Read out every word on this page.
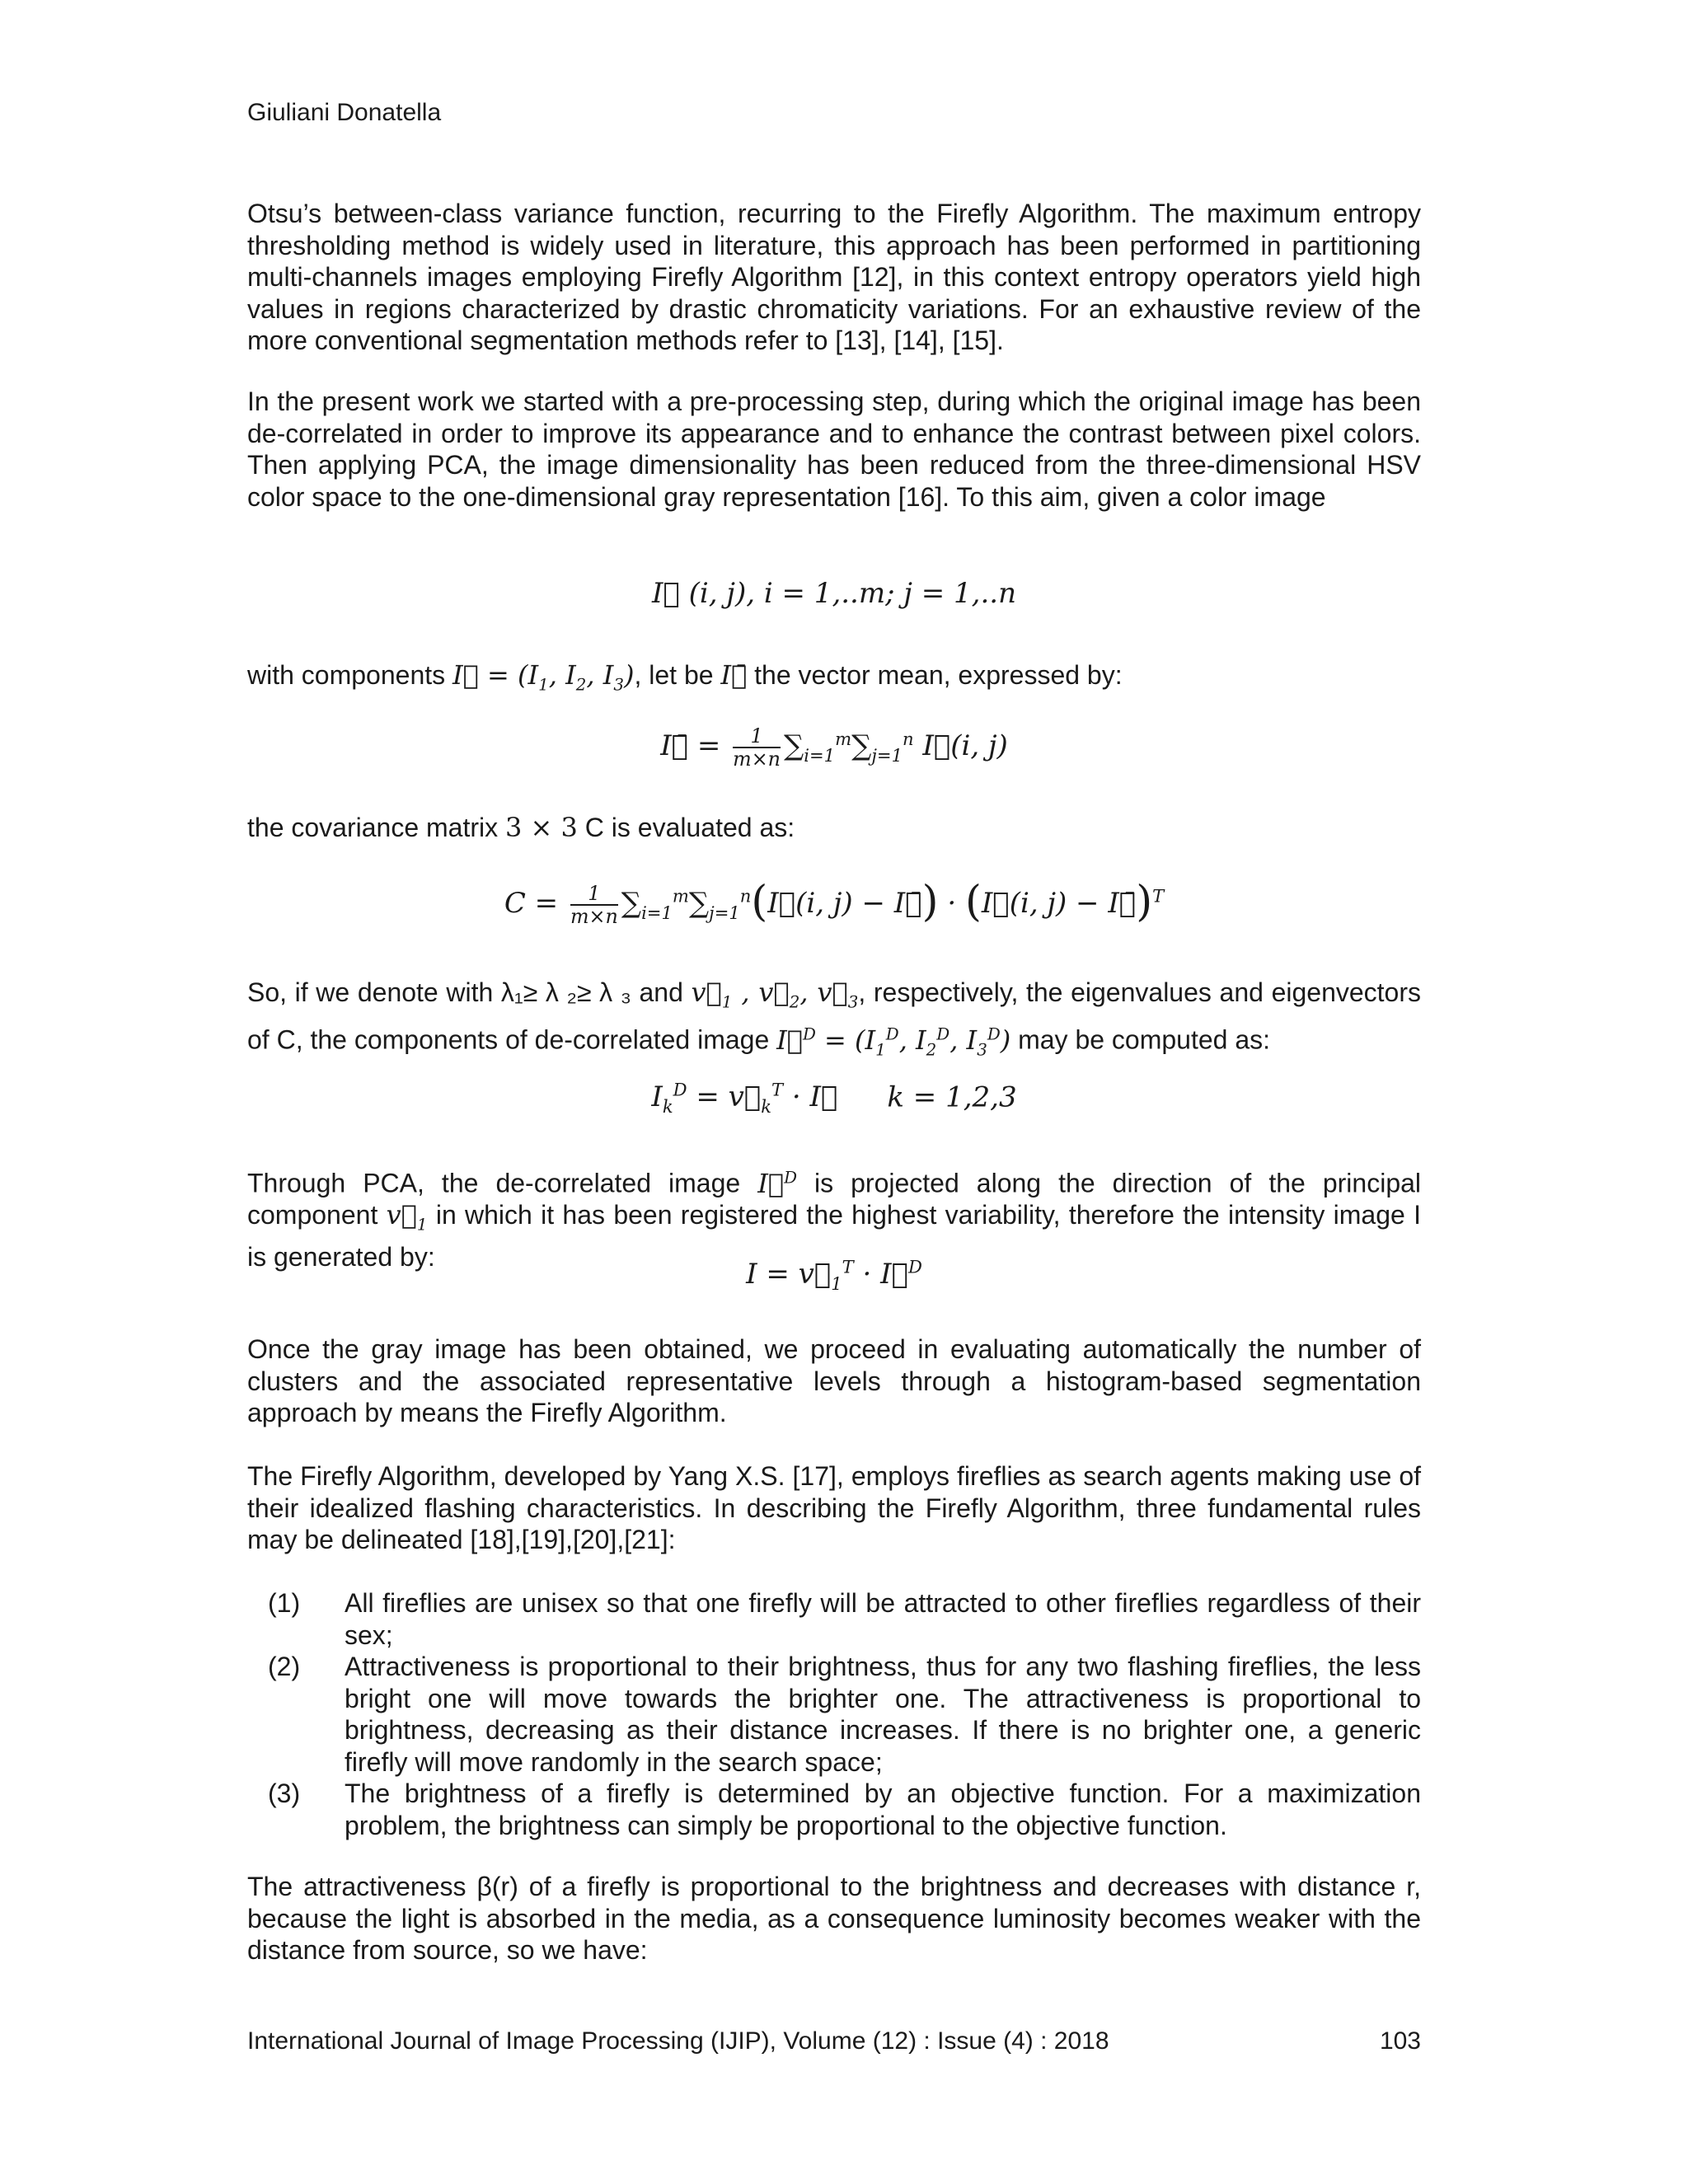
Giuliani Donatella
Otsu’s between-class variance function, recurring to the Firefly Algorithm. The maximum entropy thresholding method is widely used in literature, this approach has been performed in partitioning multi-channels images employing Firefly Algorithm [12], in this context entropy operators yield high values in regions characterized by drastic chromaticity variations. For an exhaustive review of the more conventional segmentation methods refer to [13], [14], [15].
In the present work we started with a pre-processing step, during which the original image has been de-correlated in order to improve its appearance and to enhance the contrast between pixel colors. Then applying PCA, the image dimensionality has been reduced from the three-dimensional HSV color space to the one-dimensional gray representation [16]. To this aim, given a color image
I⃗ (i, j), i = 1,..m; j = 1,..n
with components I⃗ = ($I_1$, $I_2$, $I_3$), let be I⃗̄ the vector mean, expressed by:
I⃗̄ = $\frac{1}{m\times n} \sum_{i=1}^m\sum_{j=1}^n$ I⃗(i, j)
the covariance matrix 3 × 3 C is evaluated as:
$C = \frac{1}{m\times n}$ $\sum_{i=1}^m\sum_{j=1}^n(I⃗(i$, j) − I⃗̄) · (I⃗(i, j) − I⃗̄)$^T$
So, if we denote with λ₁≥ λ ₂≥ λ ₃ and $v⃗_1$ , $v⃗_2$, $v⃗_3$, respectively, the eigenvalues and eigenvectors of C, the components of de-correlated image I⃗$^D$ = ($I_1^D$, $I_2^D$, $I_3^D$) may be computed as:
$I_k^D$ = $v⃗_k^T$ · I⃗ k = 1,2,3
Through PCA, the de-correlated image I⃗$^D$ is projected along the direction of the principal component $v⃗_1$ in which it has been registered the highest variability, therefore the intensity image I is generated by:
$I = v⃗_1^T$ · I⃗$^D$
Once the gray image has been obtained, we proceed in evaluating automatically the number of clusters and the associated representative levels through a histogram-based segmentation approach by means the Firefly Algorithm.
The Firefly Algorithm, developed by Yang X.S. [17], employs fireflies as search agents making use of their idealized flashing characteristics. In describing the Firefly Algorithm, three fundamental rules may be delineated [18],[19],[20],[21]:
(1) All fireflies are unisex so that one firefly will be attracted to other fireflies regardless of their sex;
(2) Attractiveness is proportional to their brightness, thus for any two flashing fireflies, the less bright one will move towards the brighter one. The attractiveness is proportional to brightness, decreasing as their distance increases. If there is no brighter one, a generic firefly will move randomly in the search space;
(3) The brightness of a firefly is determined by an objective function. For a maximization problem, the brightness can simply be proportional to the objective function.
The attractiveness β(r) of a firefly is proportional to the brightness and decreases with distance r, because the light is absorbed in the media, as a consequence luminosity becomes weaker with the distance from source, so we have:
International Journal of Image Processing (IJIP), Volume (12) : Issue (4) : 2018	103
